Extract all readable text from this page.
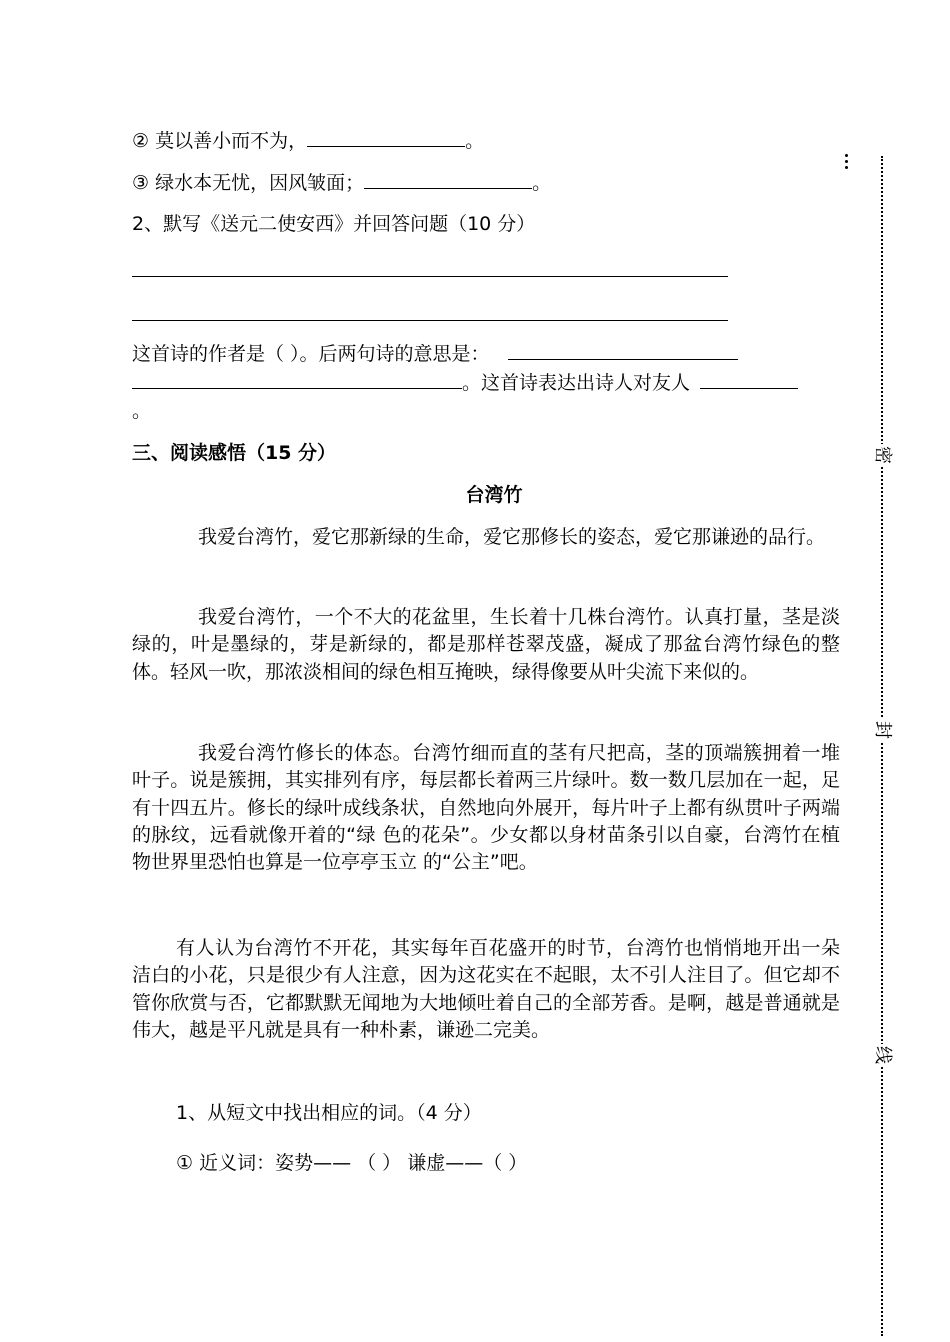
② 莫以善小而不为，	。
③ 绿水本无忧，因风皱面；	。
2、默写《送元二使安西》并回答问题（10 分）
这首诗的作者是（ ）。后两句诗的意思是：
。这首诗表达出诗人对友人
。
三、阅读感悟（15 分）
台湾竹
我爱台湾竹，爱它那新绿的生命，爱它那修长的姿态，爱它那谦逊的品行。
我爱台湾竹，一个不大的花盆里，生长着十几株台湾竹。认真打量，茎是淡绿的，叶是墨绿的，芽是新绿的，都是那样苍翠茂盛，凝成了那盆台湾竹绿色的整体。轻风一吹，那浓淡相间的绿色相互掩映，绿得像要从叶尖流下来似的。
我爱台湾竹修长的体态。台湾竹细而直的茎有尺把高，茎的顶端簇拥着一堆叶子。说是簇拥，其实排列有序，每层都长着两三片绿叶。数一数几层加在一起，足有十四五片。修长的绿叶成线条状，自然地向外展开，每片叶子上都有纵贯叶子两端的脉纹，远看就像开着的“绿 色的花朵”。少女都以身材苗条引以自豪，台湾竹在植物世界里恐怕也算是一位亭亭玉立 的“公主”吧。
有人认为台湾竹不开花，其实每年百花盛开的时节，台湾竹也悄悄地开出一朵洁白的小花，只是很少有人注意，因为这花实在不起眼，太不引人注目了。但它却不管你欣赏与否，它都默默无闻地为大地倾吐着自己的全部芳香。是啊，越是普通就是伟大，越是平凡就是具有一种朴素，谦逊二完美。
1、从短文中找出相应的词。（4 分）
① 近义词：姿势—— （ ） 谦虚——（ ）
密
封
线
